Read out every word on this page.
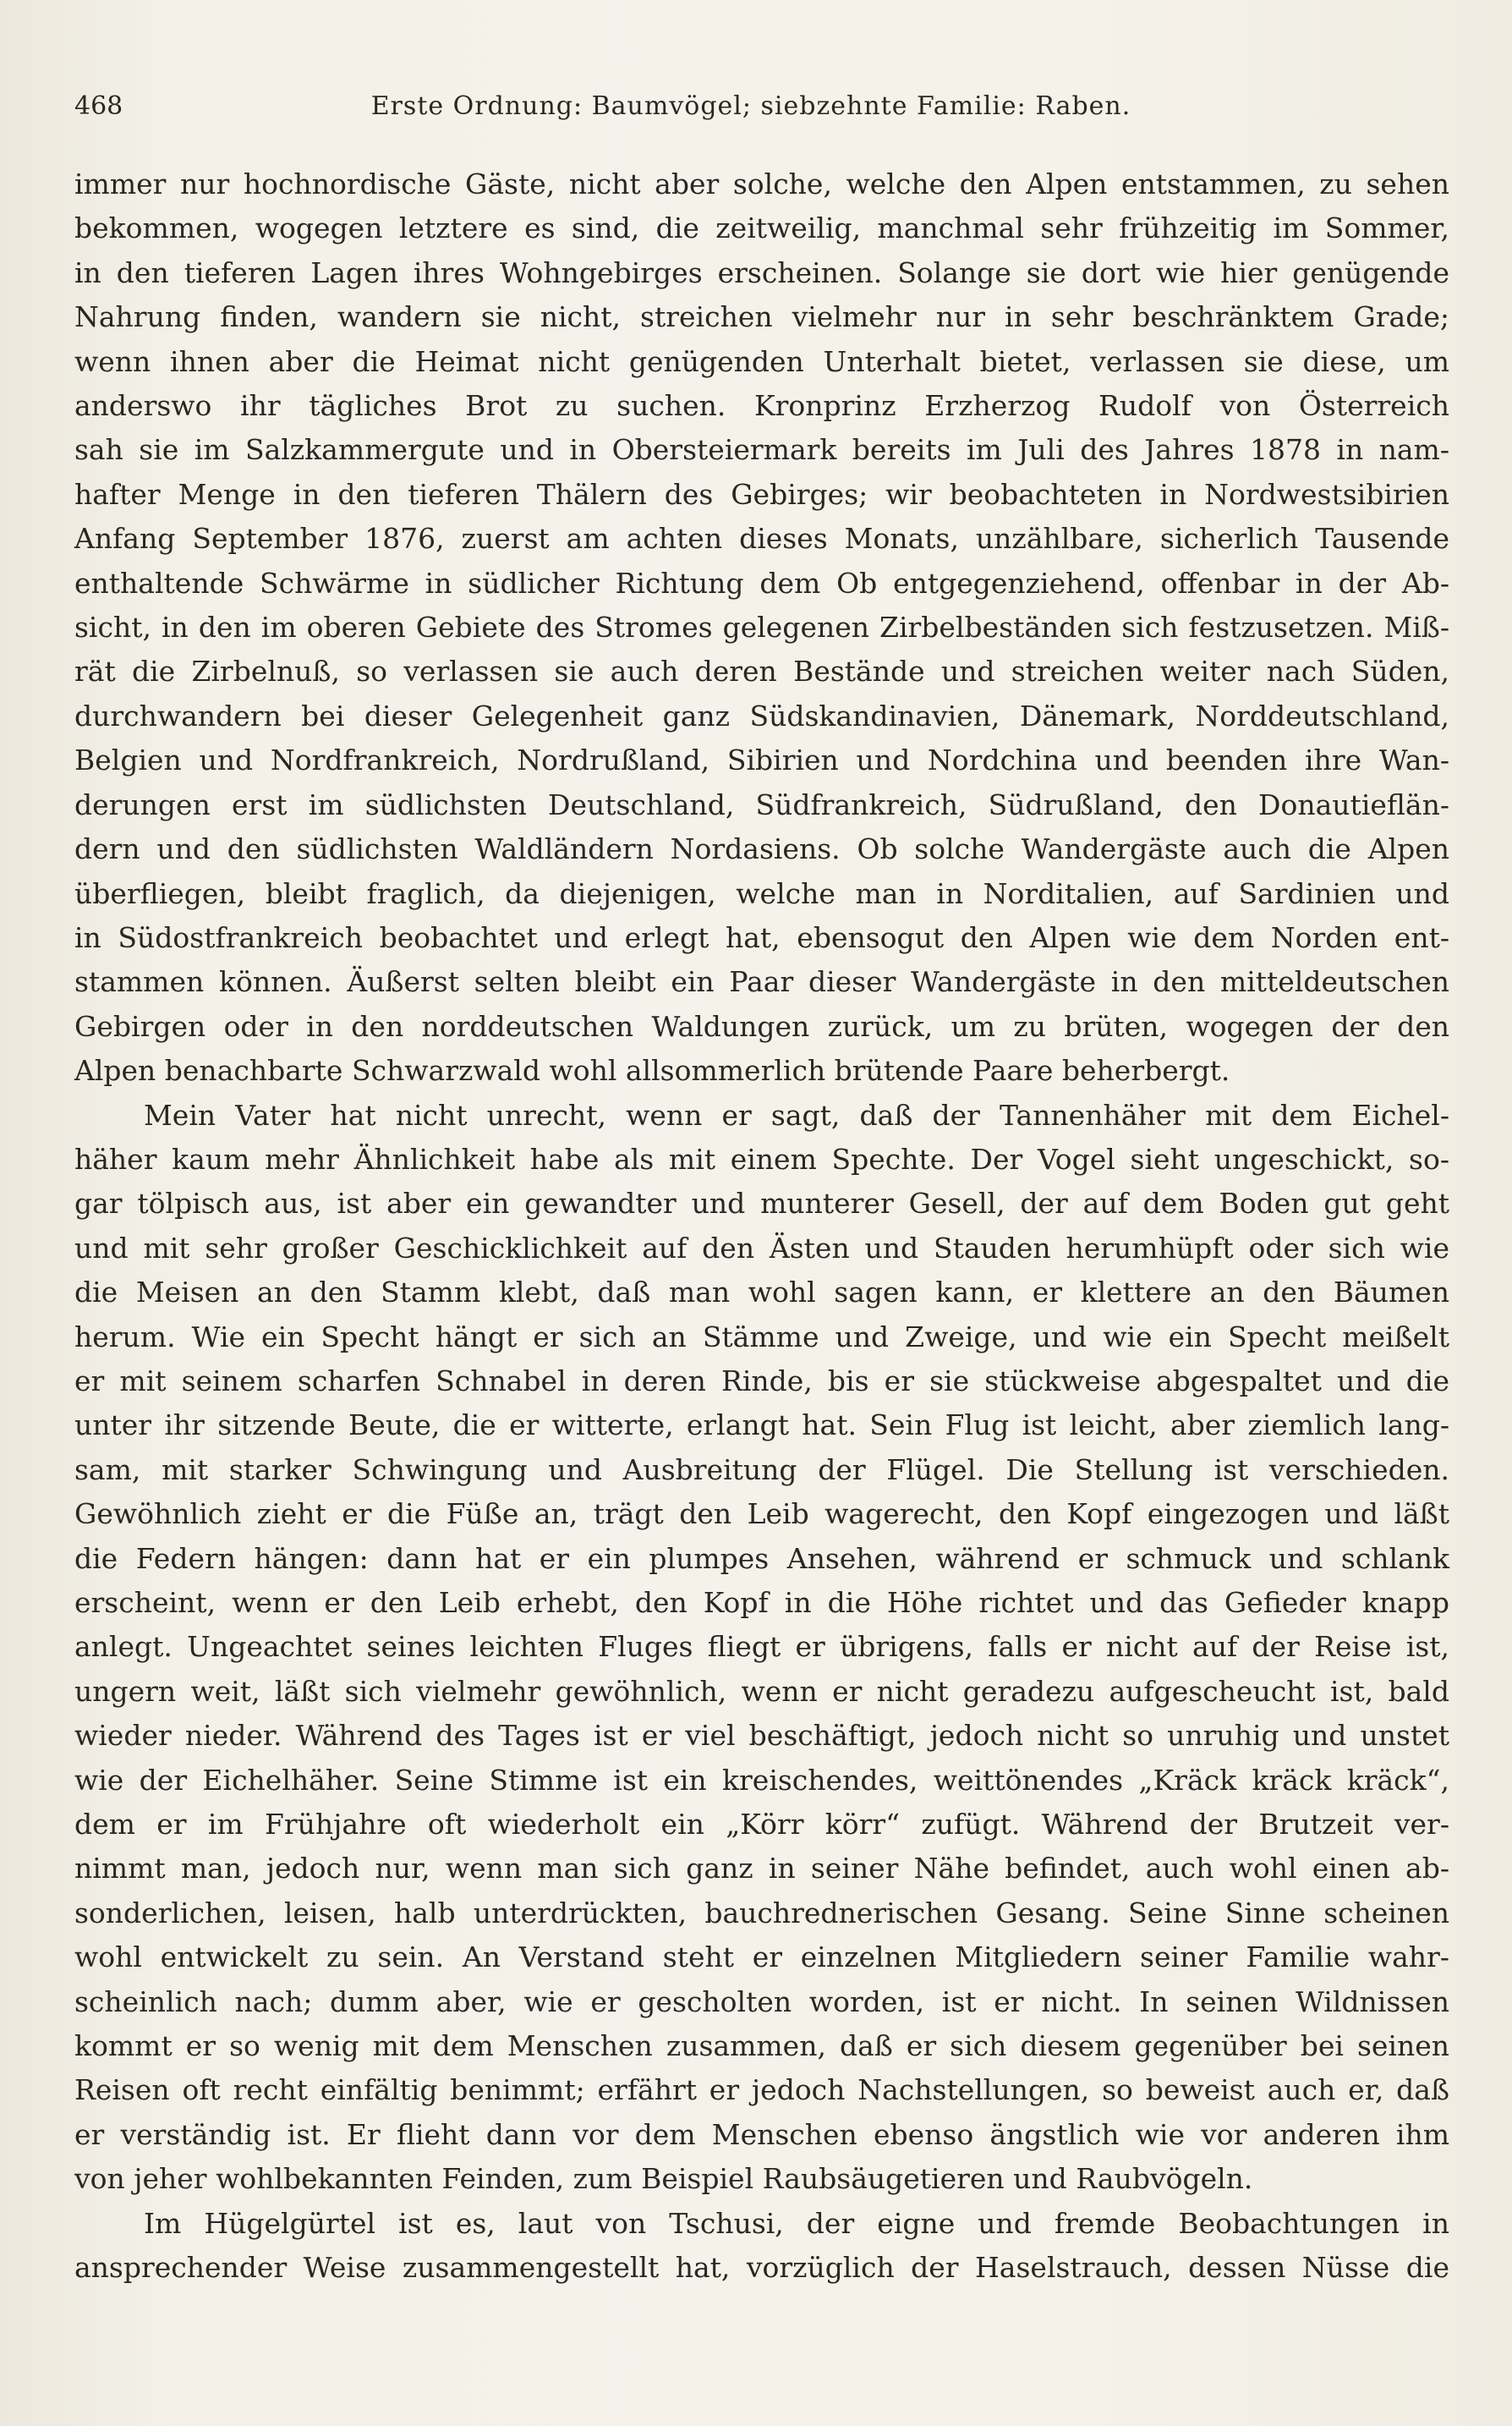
468	Erste Ordnung: Baumvögel; siebzehnte Familie: Raben.
immer nur hochnordische Gäste, nicht aber solche, welche den Alpen entstammen, zu sehen
bekommen, wogegen letztere es sind, die zeitweilig, manchmal sehr frühzeitig im Sommer,
in den tieferen Lagen ihres Wohngebirges erscheinen. Solange sie dort wie hier genügende
Nahrung finden, wandern sie nicht, streichen vielmehr nur in sehr beschränktem Grade;
wenn ihnen aber die Heimat nicht genügenden Unterhalt bietet, verlassen sie diese, um
anderswo ihr tägliches Brot zu suchen. Kronprinz Erzherzog Rudolf von Österreich
sah sie im Salzkammergute und in Obersteiermark bereits im Juli des Jahres 1878 in nam-
hafter Menge in den tieferen Thälern des Gebirges; wir beobachteten in Nordwestsibirien
Anfang September 1876, zuerst am achten dieses Monats, unzählbare, sicherlich Tausende
enthaltende Schwärme in südlicher Richtung dem Ob entgegenziehend, offenbar in der Ab-
sicht, in den im oberen Gebiete des Stromes gelegenen Zirbelbeständen sich festzusetzen. Miß-
rät die Zirbelnuß, so verlassen sie auch deren Bestände und streichen weiter nach Süden,
durchwandern bei dieser Gelegenheit ganz Südskandinavien, Dänemark, Norddeutschland,
Belgien und Nordfrankreich, Nordrußland, Sibirien und Nordchina und beenden ihre Wan-
derungen erst im südlichsten Deutschland, Südfrankreich, Südrußland, den Donautieflän-
dern und den südlichsten Waldländern Nordasiens. Ob solche Wandergäste auch die Alpen
überfliegen, bleibt fraglich, da diejenigen, welche man in Norditalien, auf Sardinien und
in Südostfrankreich beobachtet und erlegt hat, ebensogut den Alpen wie dem Norden ent-
stammen können. Äußerst selten bleibt ein Paar dieser Wandergäste in den mitteldeutschen
Gebirgen oder in den norddeutschen Waldungen zurück, um zu brüten, wogegen der den
Alpen benachbarte Schwarzwald wohl allsommerlich brütende Paare beherbergt.
Mein Vater hat nicht unrecht, wenn er sagt, daß der Tannenhäher mit dem Eichel-
häher kaum mehr Ähnlichkeit habe als mit einem Spechte. Der Vogel sieht ungeschickt, so-
gar tölpisch aus, ist aber ein gewandter und munterer Gesell, der auf dem Boden gut geht
und mit sehr großer Geschicklichkeit auf den Ästen und Stauden herumhüpft oder sich wie
die Meisen an den Stamm klebt, daß man wohl sagen kann, er klettere an den Bäumen
herum. Wie ein Specht hängt er sich an Stämme und Zweige, und wie ein Specht meißelt
er mit seinem scharfen Schnabel in deren Rinde, bis er sie stückweise abgespaltet und die
unter ihr sitzende Beute, die er witterte, erlangt hat. Sein Flug ist leicht, aber ziemlich lang-
sam, mit starker Schwingung und Ausbreitung der Flügel. Die Stellung ist verschieden.
Gewöhnlich zieht er die Füße an, trägt den Leib wagerecht, den Kopf eingezogen und läßt
die Federn hängen: dann hat er ein plumpes Ansehen, während er schmuck und schlank
erscheint, wenn er den Leib erhebt, den Kopf in die Höhe richtet und das Gefieder knapp
anlegt. Ungeachtet seines leichten Fluges fliegt er übrigens, falls er nicht auf der Reise ist,
ungern weit, läßt sich vielmehr gewöhnlich, wenn er nicht geradezu aufgescheucht ist, bald
wieder nieder. Während des Tages ist er viel beschäftigt, jedoch nicht so unruhig und unstet
wie der Eichelhäher. Seine Stimme ist ein kreischendes, weittönendes „Kräck kräck kräck“,
dem er im Frühjahre oft wiederholt ein „Körr körr“ zufügt. Während der Brutzeit ver-
nimmt man, jedoch nur, wenn man sich ganz in seiner Nähe befindet, auch wohl einen ab-
sonderlichen, leisen, halb unterdrückten, bauchrednerischen Gesang. Seine Sinne scheinen
wohl entwickelt zu sein. An Verstand steht er einzelnen Mitgliedern seiner Familie wahr-
scheinlich nach; dumm aber, wie er gescholten worden, ist er nicht. In seinen Wildnissen
kommt er so wenig mit dem Menschen zusammen, daß er sich diesem gegenüber bei seinen
Reisen oft recht einfältig benimmt; erfährt er jedoch Nachstellungen, so beweist auch er, daß
er verständig ist. Er flieht dann vor dem Menschen ebenso ängstlich wie vor anderen ihm
von jeher wohlbekannten Feinden, zum Beispiel Raubsäugetieren und Raubvögeln.
Im Hügelgürtel ist es, laut von Tschusi, der eigne und fremde Beobachtungen in
ansprechender Weise zusammengestellt hat, vorzüglich der Haselstrauch, dessen Nüsse die
